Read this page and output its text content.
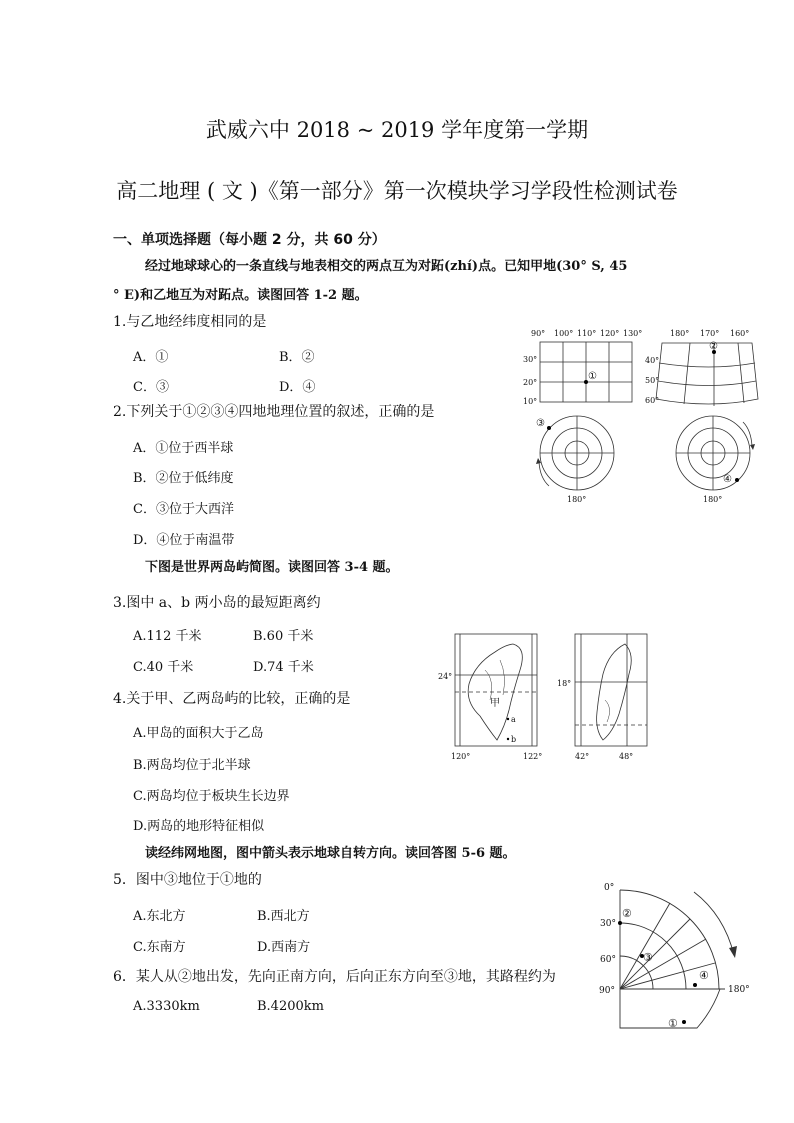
武威六中 2018 ~ 2019 学年度第一学期
高二地理 ( 文 )《第一部分》第一次模块学习学段性检测试卷
一、单项选择题（每小题 2 分，共 60 分）
经过地球球心的一条直线与地表相交的两点互为对跖(zhí)点。已知甲地(30° S, 45
° E)和乙地互为对跖点。读图回答 1-2 题。
1.与乙地经纬度相同的是
A．①	B．②
C．③	D．④
2.下列关于①②③④四地地理位置的叙述，正确的是
A．①位于西半球
B．②位于低纬度
C．③位于大西洋
D．④位于南温带
下图是世界两岛屿简图。读图回答 3-4 题。
3.图中 a、b 两小岛的最短距离约
A.112 千米	B.60 千米
C.40 千米	D.74 千米
4.关于甲、乙两岛屿的比较，正确的是
A.甲岛的面积大于乙岛
B.两岛均位于北半球
C.两岛均位于板块生长边界
D.两岛的地形特征相似
读经纬网地图，图中箭头表示地球自转方向。读回答图 5-6 题。
5．图中③地位于①地的
A.东北方	B.西北方
C.东南方	D.西南方
6．某人从②地出发，先向正南方向，后向正东方向至③地，其路程约为
A.3330km	B.4200km
90° 100° 110° 120° 130°
30°
20°
10°
①
180° 170° 160°
40°
50°
60°
②
③
180°
④
180°
24°
120°	122°
甲
a
b
18°
42°	48°
0°
30°
60°
90°	180°
②
③
④
①
